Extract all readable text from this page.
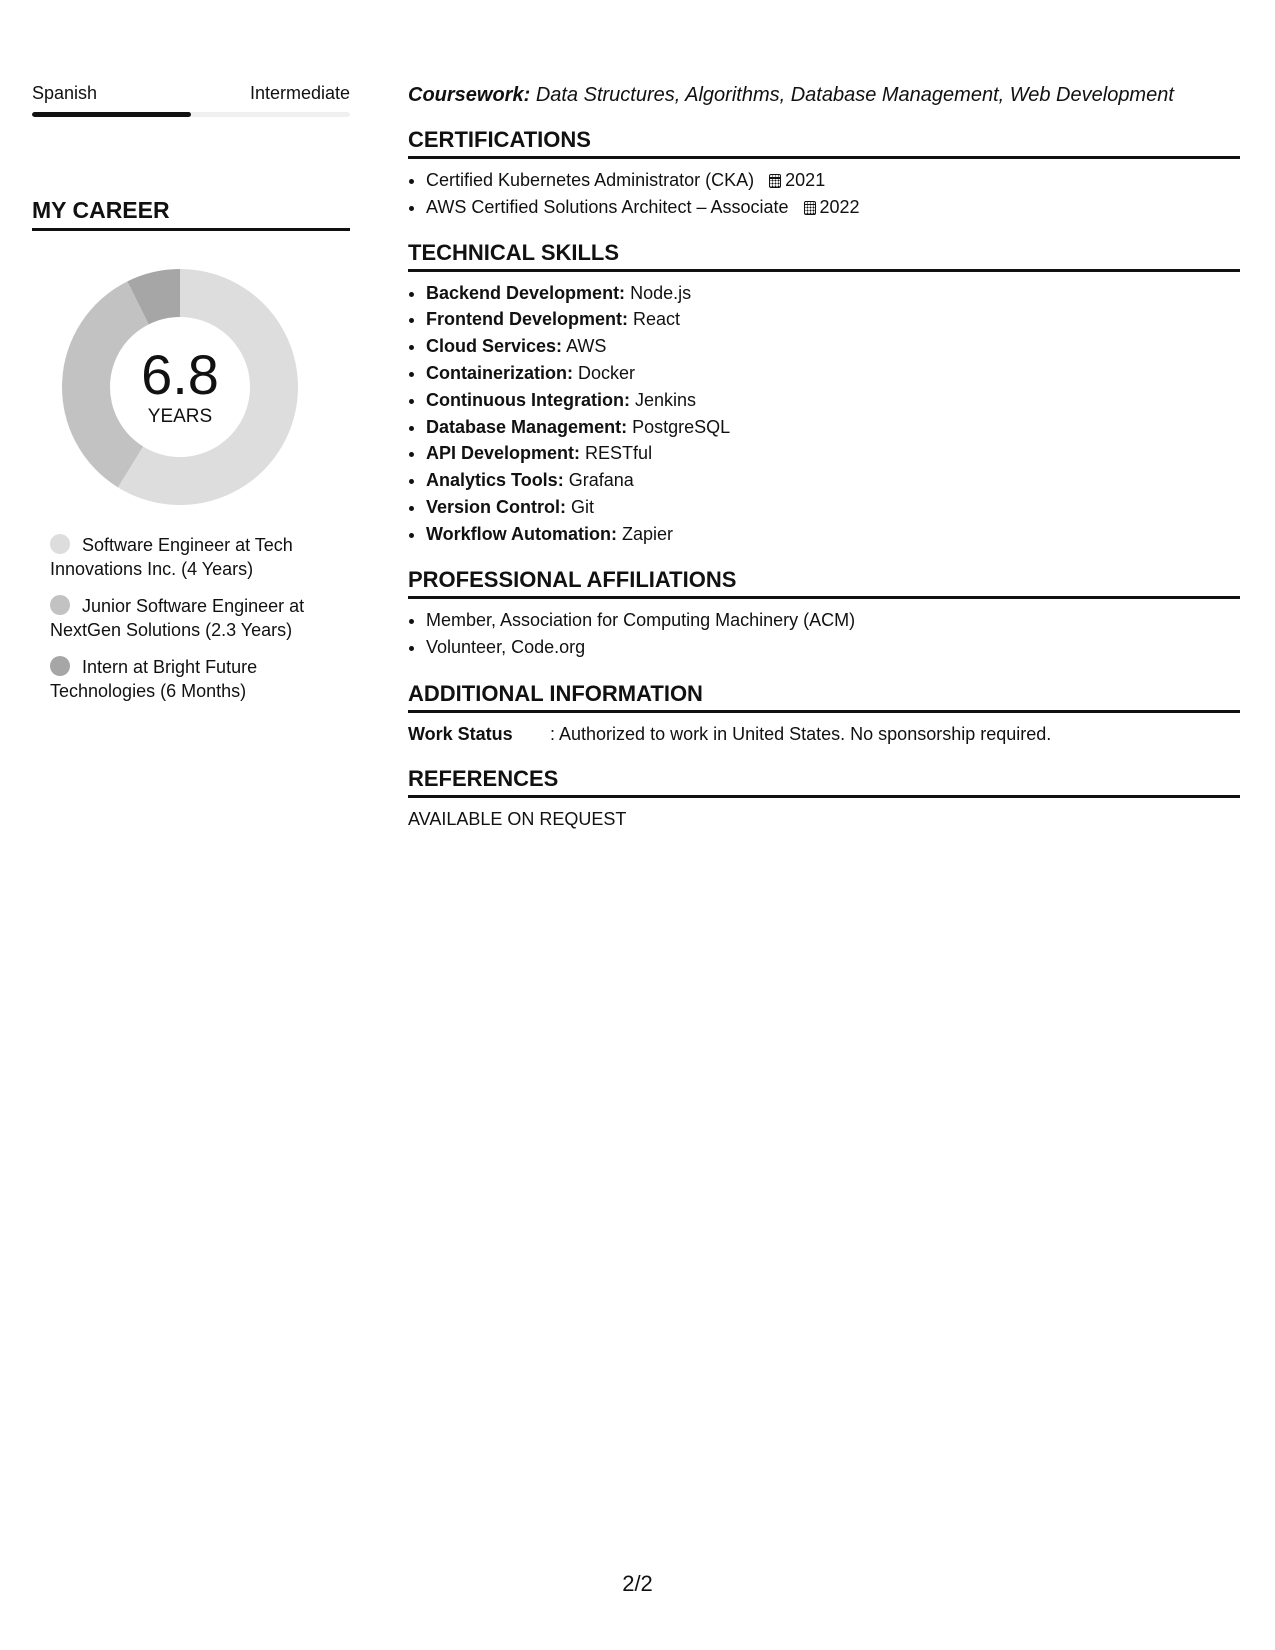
Spanish	Intermediate
MY CAREER
6.8
YEARS
Software Engineer at Tech Innovations Inc. (4 Years)
Junior Software Engineer at NextGen Solutions (2.3 Years)
Intern at Bright Future Technologies (6 Months)

Coursework: Data Structures, Algorithms, Database Management, Web Development

CERTIFICATIONS
• Certified Kubernetes Administrator (CKA) 2021
• AWS Certified Solutions Architect – Associate 2022
TECHNICAL SKILLS
• Backend Development: Node.js
• Frontend Development: React
• Cloud Services: AWS
• Containerization: Docker
• Continuous Integration: Jenkins
• Database Management: PostgreSQL
• API Development: RESTful
• Analytics Tools: Grafana
• Version Control: Git
• Workflow Automation: Zapier
PROFESSIONAL AFFILIATIONS
• Member, Association for Computing Machinery (ACM)
• Volunteer, Code.org
ADDITIONAL INFORMATION
Work Status	: Authorized to work in United States. No sponsorship required.
REFERENCES
AVAILABLE ON REQUEST
2/2
